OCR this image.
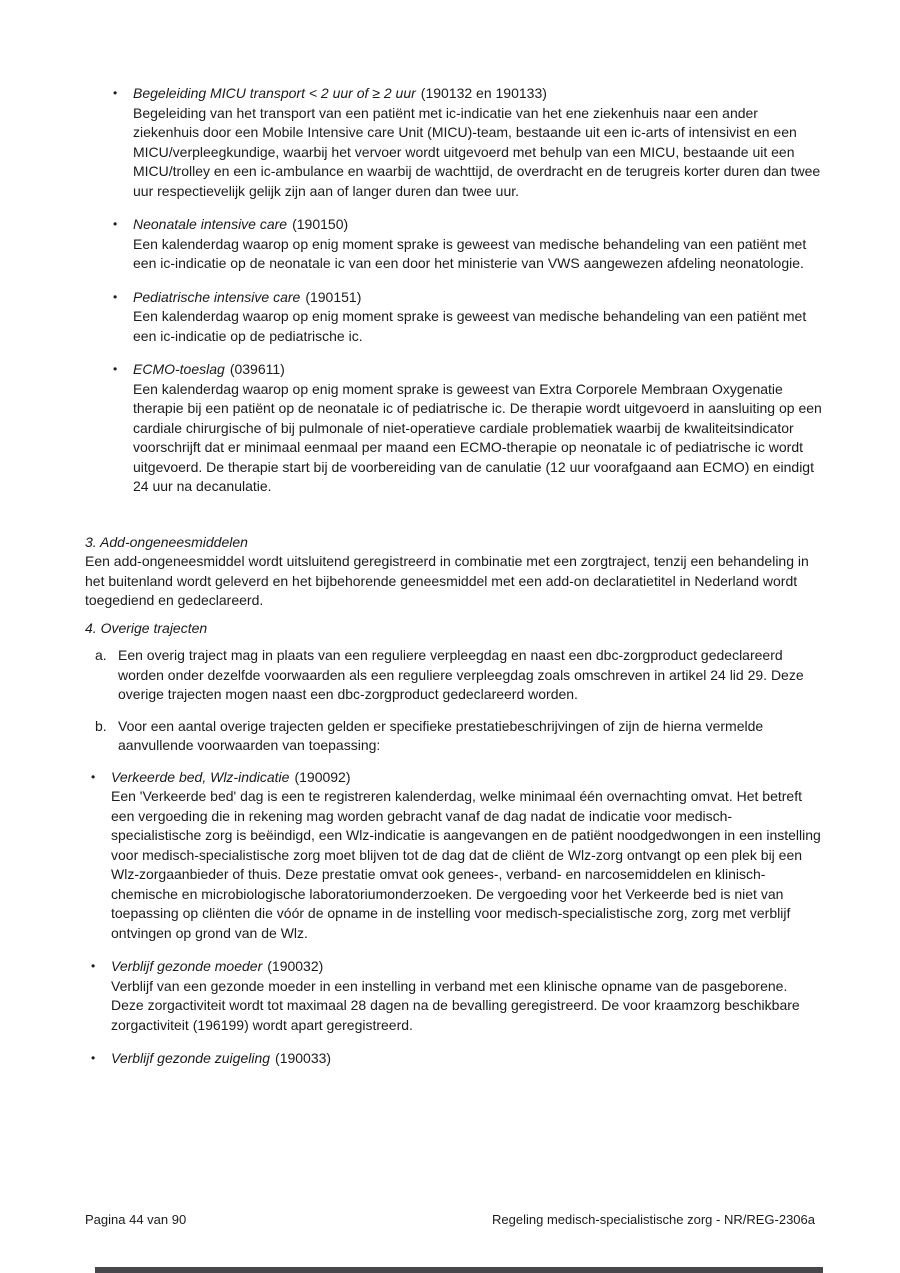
•	Begeleiding MICU transport < 2 uur of ≥ 2 uur (190132 en 190133)
Begeleiding van het transport van een patiënt met ic-indicatie van het ene ziekenhuis naar een ander ziekenhuis door een Mobile Intensive care Unit (MICU)-team, bestaande uit een ic-arts of intensivist en een MICU/verpleegkundige, waarbij het vervoer wordt uitgevoerd met behulp van een MICU, bestaande uit een MICU/trolley en een ic-ambulance en waarbij de wachttijd, de overdracht en de terugreis korter duren dan twee uur respectievelijk gelijk zijn aan of langer duren dan twee uur.
•	Neonatale intensive care (190150)
Een kalenderdag waarop op enig moment sprake is geweest van medische behandeling van een patiënt met een ic-indicatie op de neonatale ic van een door het ministerie van VWS aangewezen afdeling neonatologie.
•	Pediatrische intensive care (190151)
Een kalenderdag waarop op enig moment sprake is geweest van medische behandeling van een patiënt met een ic-indicatie op de pediatrische ic.
•	ECMO-toeslag (039611)
Een kalenderdag waarop op enig moment sprake is geweest van Extra Corporele Membraan Oxygenatie therapie bij een patiënt op de neonatale ic of pediatrische ic. De therapie wordt uitgevoerd in aansluiting op een cardiale chirurgische of bij pulmonale of niet-operatieve cardiale problematiek waarbij de kwaliteitsindicator voorschrijft dat er minimaal eenmaal per maand een ECMO-therapie op neonatale ic of pediatrische ic wordt uitgevoerd. De therapie start bij de voorbereiding van de canulatie (12 uur voorafgaand aan ECMO) en eindigt 24 uur na decanulatie.
3. Add-ongeneesmiddelen
Een add-ongeneesmiddel wordt uitsluitend geregistreerd in combinatie met een zorgtraject, tenzij een behandeling in het buitenland wordt geleverd en het bijbehorende geneesmiddel met een add-on declaratietitel in Nederland wordt toegediend en gedeclareerd.
4. Overige trajecten
a. Een overig traject mag in plaats van een reguliere verpleegdag en naast een dbc-zorgproduct gedeclareerd worden onder dezelfde voorwaarden als een reguliere verpleegdag zoals omschreven in artikel 24 lid 29. Deze overige trajecten mogen naast een dbc-zorgproduct gedeclareerd worden.
b. Voor een aantal overige trajecten gelden er specifieke prestatiebeschrijvingen of zijn de hierna vermelde aanvullende voorwaarden van toepassing:
•	Verkeerde bed, Wlz-indicatie (190092)
Een 'Verkeerde bed' dag is een te registreren kalenderdag, welke minimaal één overnachting omvat. Het betreft een vergoeding die in rekening mag worden gebracht vanaf de dag nadat de indicatie voor medisch-specialistische zorg is beëindigd, een Wlz-indicatie is aangevangen en de patiënt noodgedwongen in een instelling voor medisch-specialistische zorg moet blijven tot de dag dat de cliënt de Wlz-zorg ontvangt op een plek bij een Wlz-zorgaanbieder of thuis. Deze prestatie omvat ook genees-, verband- en narcosemiddelen en klinisch-chemische en microbiologische laboratoriumonderzoeken. De vergoeding voor het Verkeerde bed is niet van toepassing op cliënten die vóór de opname in de instelling voor medisch-specialistische zorg, zorg met verblijf ontvingen op grond van de Wlz.
•	Verblijf gezonde moeder (190032)
Verblijf van een gezonde moeder in een instelling in verband met een klinische opname van de pasgeborene. Deze zorgactiviteit wordt tot maximaal 28 dagen na de bevalling geregistreerd. De voor kraamzorg beschikbare zorgactiviteit (196199) wordt apart geregistreerd.
•	Verblijf gezonde zuigeling (190033)
Pagina 44 van 90	Regeling medisch-specialistische zorg - NR/REG-2306a
